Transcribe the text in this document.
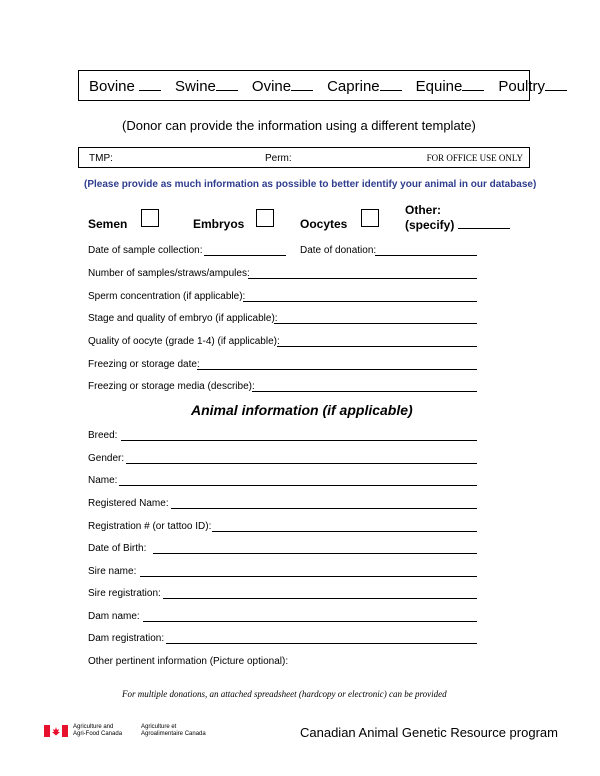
Bovine	Swine	Ovine	Caprine	Equine	Poultry
(Donor can provide the information using a different template)
TMP:	Perm:	FOR OFFICE USE ONLY
(Please provide as much information as possible to better identify your animal in our database)
Semen	Embryos	Oocytes
Other:
(specify)
Date of sample collection:	Date of donation:
Number of samples/straws/ampules:
Sperm concentration (if applicable):
Stage and quality of embryo (if applicable):
Quality of oocyte (grade 1-4) (if applicable):
Freezing or storage date:
Freezing or storage media (describe):
Animal information (if applicable)
Breed:
Gender:
Name:
Registered Name:
Registration # (or tattoo ID):
Date of Birth:
Sire name:
Sire registration:
Dam name:
Dam registration:
Other pertinent information (Picture optional):
For multiple donations, an attached spreadsheet (hardcopy or electronic) can be provided
Agriculture and
Agri-Food Canada
Agriculture et
Agroalimentaire Canada	Canadian Animal Genetic Resource program
